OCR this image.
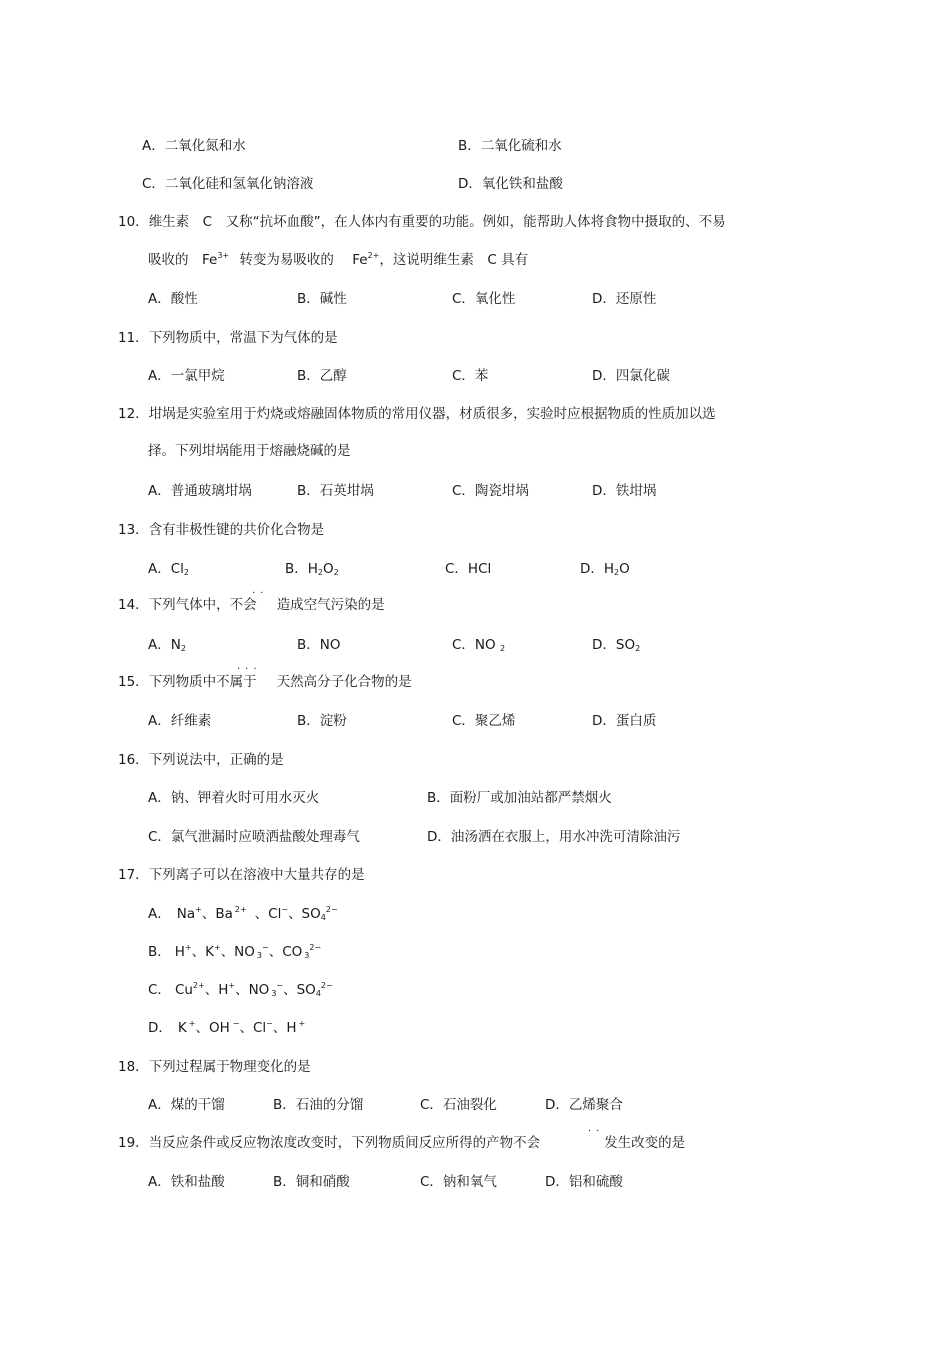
A．二氧化氮和水	B．二氧化硫和水
C．二氧化硅和氢氧化钠溶液	D．氧化铁和盐酸
10．维生素　C　又称“抗坏血酸”，在人体内有重要的功能。例如，能帮助人体将食物中摄取的、不易
吸收的　$Fe^{3+}$ 转变为易吸收的 $Fe^{2+}$，这说明维生素　C 具有
A．酸性	B．碱性	C．氧化性	D．还原性
11．下列物质中，常温下为气体的是
A．一氯甲烷	B．乙醇	C．苯	D．四氯化碳
12．坩埚是实验室用于灼烧或熔融固体物质的常用仪器，材质很多，实验时应根据物质的性质加以选
择。下列坩埚能用于熔融烧碱的是
A．普通玻璃坩埚	B．石英坩埚	C．陶瓷坩埚	D．铁坩埚
13．含有非极性键的共价化合物是
A．$Cl_2$	B．$H_2O_2$	C．HCl	D．$H_2O$
..
14．下列气体中，不会 造成空气污染的是
A．$N_2$	B．NO	C．NO $_2$	D．$SO_2$
...
15．下列物质中不属于 天然高分子化合物的是
A．纤维素	B．淀粉	C．聚乙烯	D．蛋白质
16．下列说法中，正确的是
A．钠、钾着火时可用水灭火	B．面粉厂或加油站都严禁烟火
C．氯气泄漏时应喷洒盐酸处理毒气	D．油汤洒在衣服上，用水冲洗可清除油污
17．下列离子可以在溶液中大量共存的是
A． Na+、Ba $^{2+}$ 、Cl−、$SO_4^{2-}$
B． H+、K+、NO $_3$−、CO $_3^{2-}$
C． $Cu^{2+}$、H+、NO $_3$−、$SO_4^{2-}$
D． K +、OH −、Cl−、H +
18．下列过程属于物理变化的是
A．煤的干馏	B．石油的分馏	C．石油裂化	D．乙烯聚合
..
19．当反应条件或反应物浓度改变时，下列物质间反应所得的产物不会	发生改变的是
A．铁和盐酸	B．铜和硝酸	C．钠和氧气	D．铝和硫酸
